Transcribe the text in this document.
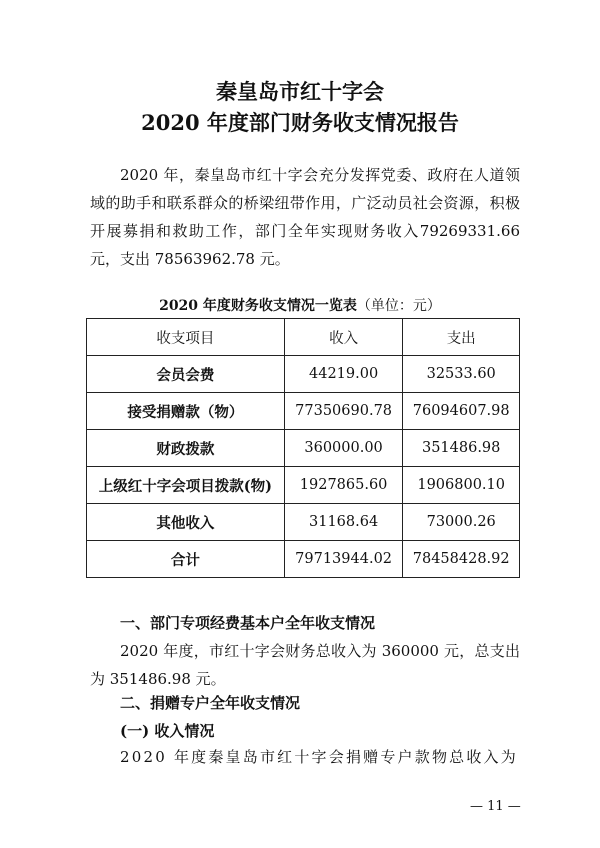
秦皇岛市红十字会
2020 年度部门财务收支情况报告
2020 年，秦皇岛市红十字会充分发挥党委、政府在人道领域的助手和联系群众的桥梁纽带作用，广泛动员社会资源，积极开展募捐和救助工作，部门全年实现财务收入79269331.66 元，支出 78563962.78 元。
2020 年度财务收支情况一览表（单位：元）
收支项目	收入	支出
会员会费	44219.00	32533.60
接受捐赠款（物）	77350690.78	76094607.98
财政拨款	360000.00	351486.98
上级红十字会项目拨款(物)	1927865.60	1906800.10
其他收入	31168.64	73000.26
合计	79713944.02	78458428.92
一、部门专项经费基本户全年收支情况
2020 年度，市红十字会财务总收入为 360000 元，总支出为 351486.98 元。
二、捐赠专户全年收支情况
(一) 收入情况
2020 年度秦皇岛市红十字会捐赠专户款物总收入为
— 11 —
